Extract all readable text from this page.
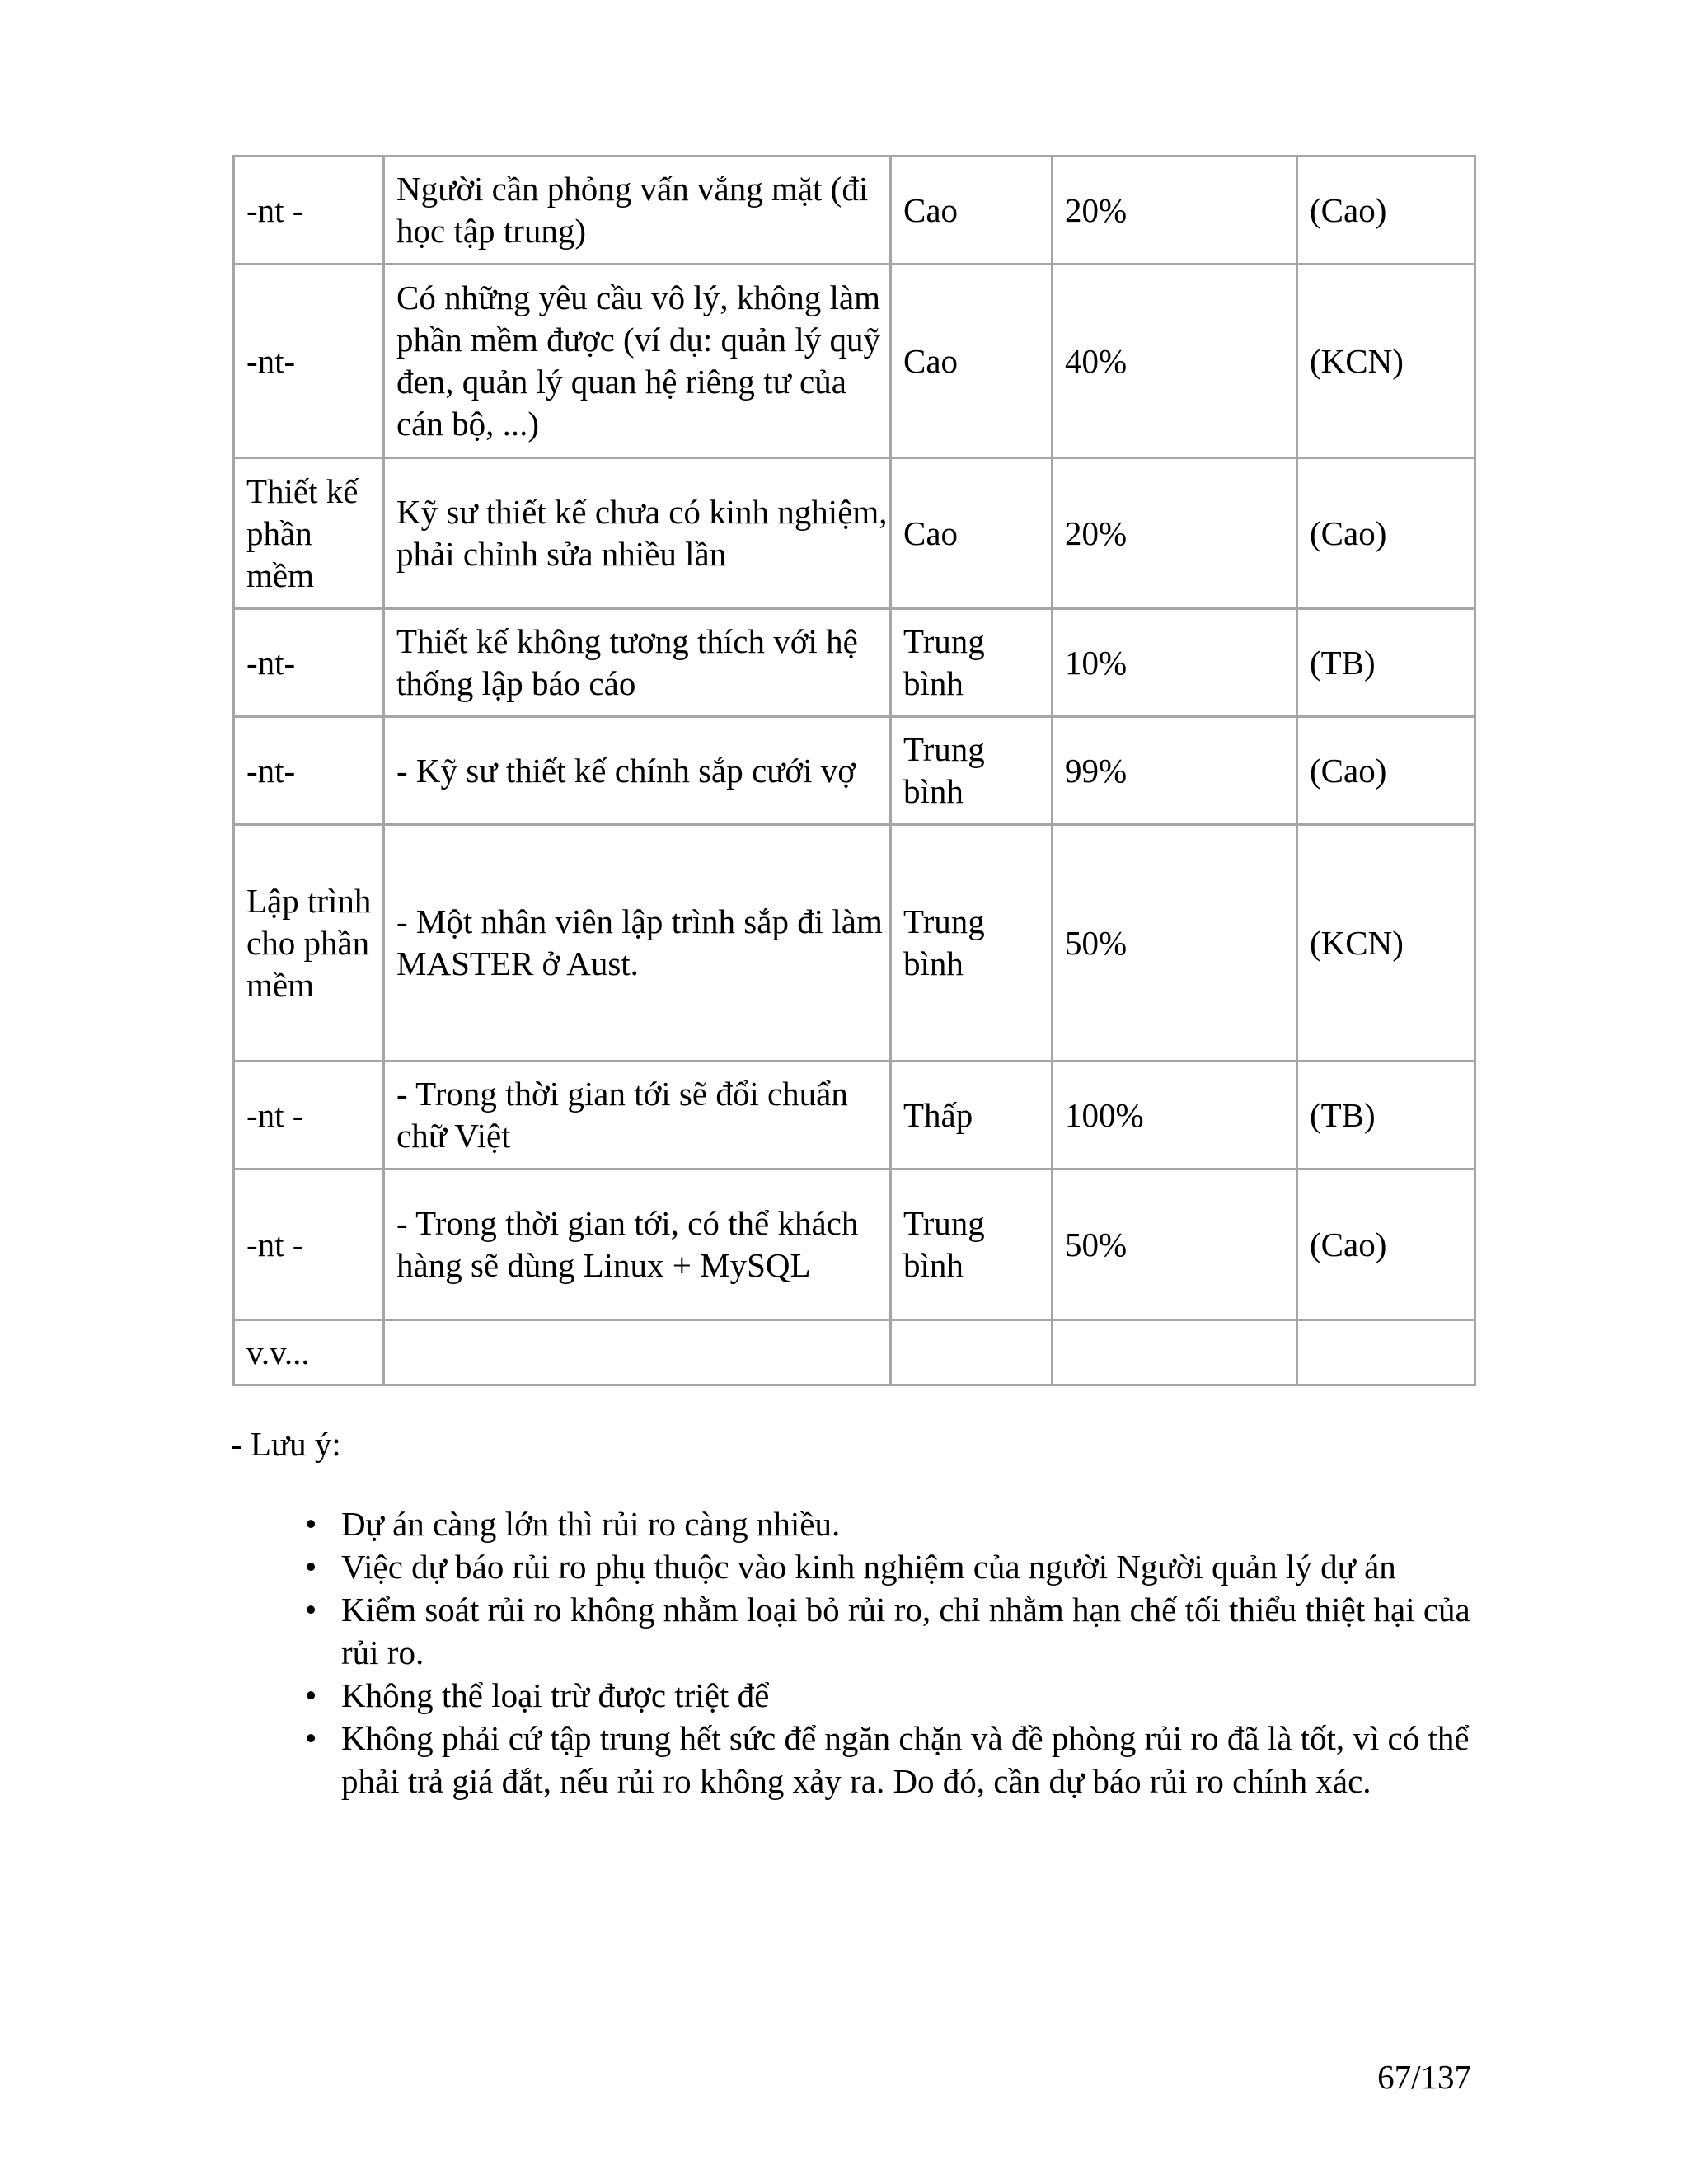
-nt -	Người cần phỏng vấn vắng mặt (đi học tập trung)	Cao	20%	(Cao)
-nt-	Có những yêu cầu vô lý, không làm phần mềm được (ví dụ: quản lý quỹ đen, quản lý quan hệ riêng tư của cán bộ, ...)	Cao	40%	(KCN)
Thiết kế phần mềm	Kỹ sư thiết kế chưa có kinh nghiệm, phải chỉnh sửa nhiều lần	Cao	20%	(Cao)
-nt-	Thiết kế không tương thích với hệ thống lập báo cáo	Trung bình	10%	(TB)
-nt-	- Kỹ sư thiết kế chính sắp cưới vợ	Trung bình	99%	(Cao)
Lập trình cho phần mềm	- Một nhân viên lập trình sắp đi làm MASTER ở Aust.	Trung bình	50%	(KCN)
-nt -	- Trong thời gian tới sẽ đổi chuẩn chữ Việt	Thấp	100%	(TB)
-nt -	- Trong thời gian tới, có thể khách hàng sẽ dùng Linux + MySQL	Trung bình	50%	(Cao)
v.v...				
- Lưu ý:
• Dự án càng lớn thì rủi ro càng nhiều.
• Việc dự báo rủi ro phụ thuộc vào kinh nghiệm của người Người quản lý dự án
• Kiểm soát rủi ro không nhằm loại bỏ rủi ro, chỉ nhằm hạn chế tối thiểu thiệt hại của rủi ro.
• Không thể loại trừ được triệt để
• Không phải cứ tập trung hết sức để ngăn chặn và đề phòng rủi ro đã là tốt, vì có thể phải trả giá đắt, nếu rủi ro không xảy ra. Do đó, cần dự báo rủi ro chính xác.
67/137
